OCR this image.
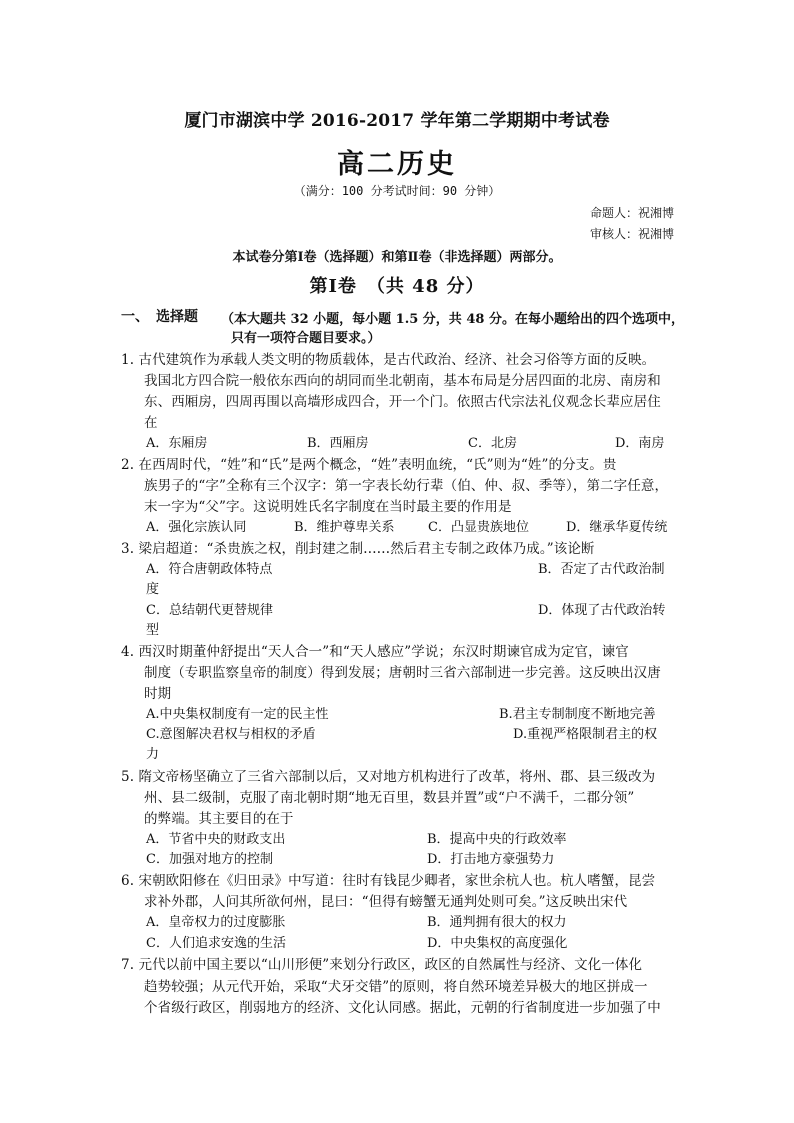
厦门市湖滨中学 2016-2017 学年第二学期期中考试卷
高二历史
（满分：100 分考试时间：90 分钟）
命题人：祝湘博
审核人：祝湘博
本试卷分第Ⅰ卷（选择题）和第Ⅱ卷（非选择题）两部分。
第Ⅰ卷　（共 48 分）
一、　选择题 （本大题共 32 小题，每小题 1.5 分，共 48 分。在每小题给出的四个选项中，
只有一项符合题目要求。）
1. 古代建筑作为承载人类文明的物质载体，是古代政治、经济、社会习俗等方面的反映。
我国北方四合院一般依东西向的胡同而坐北朝南，基本布局是分居四面的北房、南房和
东、西厢房，四周再围以高墙形成四合，开一个门。依照古代宗法礼仪观念长辈应居住
在
A．东厢房	B．西厢房	C．北房	D．南房
2. 在西周时代，“姓”和“氏”是两个概念，“姓”表明血统，“氏”则为“姓”的分支。贵
族男子的“字”全称有三个汉字：第一字表长幼行辈（伯、仲、叔、季等），第二字任意，
末一字为“父”字。这说明姓氏名字制度在当时最主要的作用是
A．强化宗族认同	B．维护尊卑关系	C．凸显贵族地位	D．继承华夏传统
3. 梁启超道：“杀贵族之权，削封建之制……然后君主专制之政体乃成。”该论断
A．符合唐朝政体特点	B．否定了古代政治制
度
C．总结朝代更替规律	D．体现了古代政治转
型
4. 西汉时期董仲舒提出“天人合一”和“天人感应”学说；东汉时期谏官成为定官，谏官
制度（专职监察皇帝的制度）得到发展；唐朝时三省六部制进一步完善。这反映出汉唐
时期
A.中央集权制度有一定的民主性	B.君主专制制度不断地完善
C.意图解决君权与相权的矛盾	D.重视严格限制君主的权
力
5. 隋文帝杨坚确立了三省六部制以后，又对地方机构进行了改革，将州、郡、县三级改为
州、县二级制，克服了南北朝时期“地无百里，数县并置”或“户不满千，二郡分领”
的弊端。其主要目的在于
A．节省中央的财政支出	B．提高中央的行政效率
C．加强对地方的控制	D．打击地方豪强势力
6. 宋朝欧阳修在《归田录》中写道：往时有钱昆少卿者，家世余杭人也。杭人嗜蟹，昆尝
求补外郡，人问其所欲何州，昆曰：“但得有螃蟹无通判处则可矣。”这反映出宋代
A．皇帝权力的过度膨胀	B．通判拥有很大的权力
C．人们追求安逸的生活	D．中央集权的高度强化
7. 元代以前中国主要以“山川形便”来划分行政区，政区的自然属性与经济、文化一体化
趋势较强；从元代开始，采取“犬牙交错”的原则，将自然环境差异极大的地区拼成一
个省级行政区，削弱地方的经济、文化认同感。据此，元朝的行省制度进一步加强了中
